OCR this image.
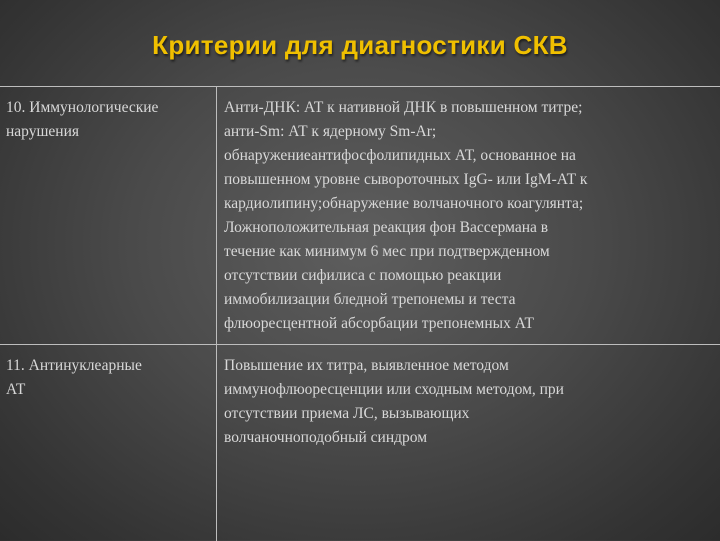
Критерии для диагностики СКВ
10. Иммунологические
нарушения
Анти-ДНК: АТ к нативной ДНК в повышенном титре;
анти-Sm: АТ к ядерному Sm-Ar;
обнаружениеантифосфолипидных АТ, основанное на
повышенном уровне сывороточных IgG- или IgM-АТ к
кардиолипину;обнаружение волчаночного коагулянта;
Ложноположительная реакция фон Вассермана в
течение как минимум 6 мес при подтвержденном
отсутствии сифилиса с помощью реакции
иммобилизации бледной трепонемы и теста
флюоресцентной абсорбации трепонемных АТ
11. Антинуклеарные
АТ
Повышение их титра, выявленное методом
иммунофлюоресценции или сходным методом, при
отсутствии приема ЛС, вызывающих
волчаночноподобный синдром
